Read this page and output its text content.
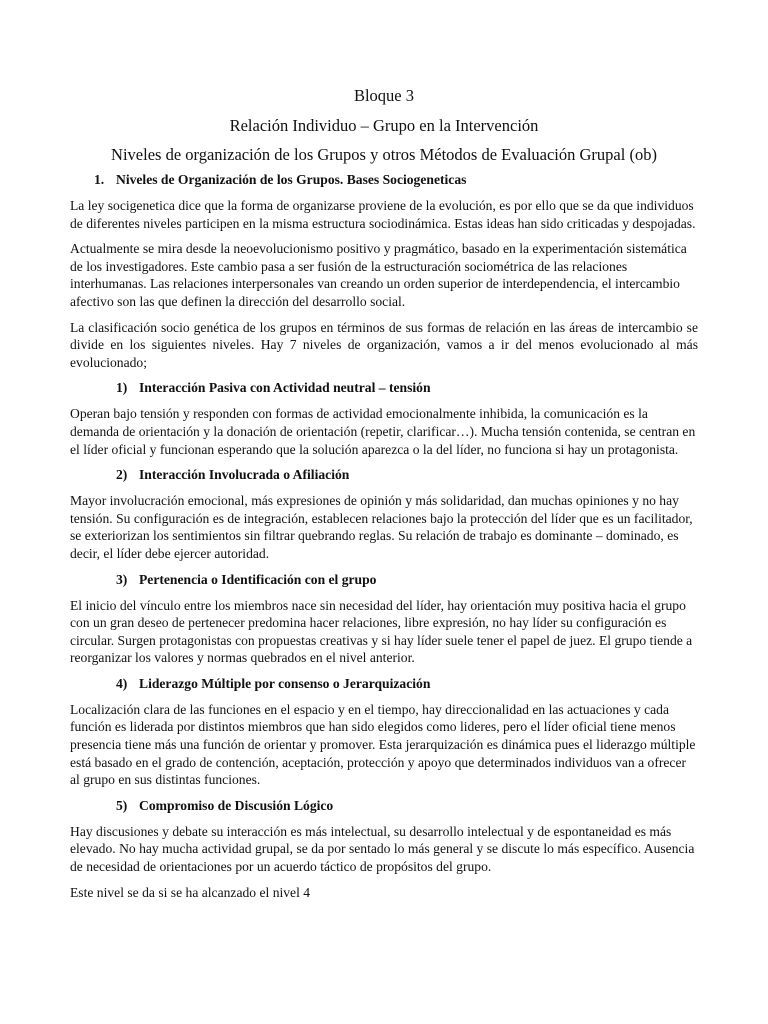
Bloque 3

Relación Individuo – Grupo en la Intervención

Niveles de organización de los Grupos y otros Métodos de Evaluación Grupal (ob)

1. Niveles de Organización de los Grupos. Bases Sociogeneticas

La ley socigenetica dice que la forma de organizarse proviene de la evolución, es por ello que se da que individuos de diferentes niveles participen en la misma estructura sociodinámica. Estas ideas han sido criticadas y despojadas.

Actualmente se mira desde la neoevolucionismo positivo y pragmático, basado en la experimentación sistemática de los investigadores. Este cambio pasa a ser fusión de la estructuración sociométrica de las relaciones interhumanas. Las relaciones interpersonales van creando un orden superior de interdependencia, el intercambio afectivo son las que definen la dirección del desarrollo social.

La clasificación socio genética de los grupos en términos de sus formas de relación en las áreas de intercambio se divide en los siguientes niveles. Hay 7 niveles de organización, vamos a ir del menos evolucionado al más evolucionado;

1) Interacción Pasiva con Actividad neutral – tensión

Operan bajo tensión y responden con formas de actividad emocionalmente inhibida, la comunicación es la demanda de orientación y la donación de orientación (repetir, clarificar…). Mucha tensión contenida, se centran en el líder oficial y funcionan esperando que la solución aparezca o la del líder, no funciona si hay un protagonista.

2) Interacción Involucrada o Afiliación

Mayor involucración emocional, más expresiones de opinión y más solidaridad, dan muchas opiniones y no hay tensión. Su configuración es de integración, establecen relaciones bajo la protección del líder que es un facilitador, se exteriorizan los sentimientos sin filtrar quebrando reglas. Su relación de trabajo es dominante – dominado, es decir, el líder debe ejercer autoridad.

3) Pertenencia o Identificación con el grupo

El inicio del vínculo entre los miembros nace sin necesidad del líder, hay orientación muy positiva hacia el grupo con un gran deseo de pertenecer predomina hacer relaciones, libre expresión, no hay líder su configuración es circular. Surgen protagonistas con propuestas creativas y si hay líder suele tener el papel de juez. El grupo tiende a reorganizar los valores y normas quebrados en el nivel anterior.

4) Liderazgo Múltiple por consenso o Jerarquización

Localización clara de las funciones en el espacio y en el tiempo, hay direccionalidad en las actuaciones y cada función es liderada por distintos miembros que han sido elegidos como lideres, pero el líder oficial tiene menos presencia tiene más una función de orientar y promover. Esta jerarquización es dinámica pues el liderazgo múltiple está basado en el grado de contención, aceptación, protección y apoyo que determinados individuos van a ofrecer al grupo en sus distintas funciones.

5) Compromiso de Discusión Lógico

Hay discusiones y debate su interacción es más intelectual, su desarrollo intelectual y de espontaneidad es más elevado. No hay mucha actividad grupal, se da por sentado lo más general y se discute lo más específico. Ausencia de necesidad de orientaciones por un acuerdo táctico de propósitos del grupo.

Este nivel se da si se ha alcanzado el nivel 4
